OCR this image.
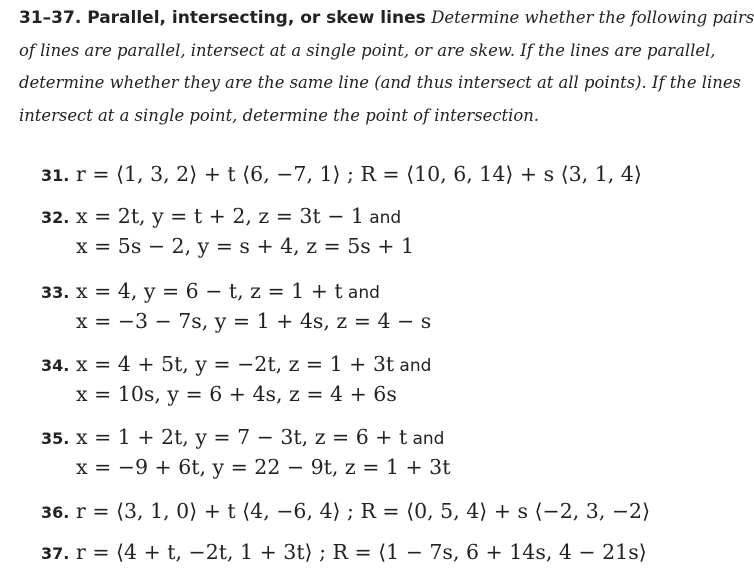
31–37. Parallel, intersecting, or skew lines Determine whether the following pairs
of lines are parallel, intersect at a single point, or are skew. If the lines are parallel,
determine whether they are the same line (and thus intersect at all points). If the lines
intersect at a single point, determine the point of intersection.
31. r = ⟨1, 3, 2⟩ + t ⟨6, −7, 1⟩ ; R = ⟨10, 6, 14⟩ + s ⟨3, 1, 4⟩
32. x = 2t, y = t + 2, z = 3t − 1 and
x = 5s − 2, y = s + 4, z = 5s + 1
33. x = 4, y = 6 − t, z = 1 + t and
x = −3 − 7s, y = 1 + 4s, z = 4 − s
34. x = 4 + 5t, y = −2t, z = 1 + 3t and
x = 10s, y = 6 + 4s, z = 4 + 6s
35. x = 1 + 2t, y = 7 − 3t, z = 6 + t and
x = −9 + 6t, y = 22 − 9t, z = 1 + 3t
36. r = ⟨3, 1, 0⟩ + t ⟨4, −6, 4⟩ ; R = ⟨0, 5, 4⟩ + s ⟨−2, 3, −2⟩
37. r = ⟨4 + t, −2t, 1 + 3t⟩ ; R = ⟨1 − 7s, 6 + 14s, 4 − 21s⟩
